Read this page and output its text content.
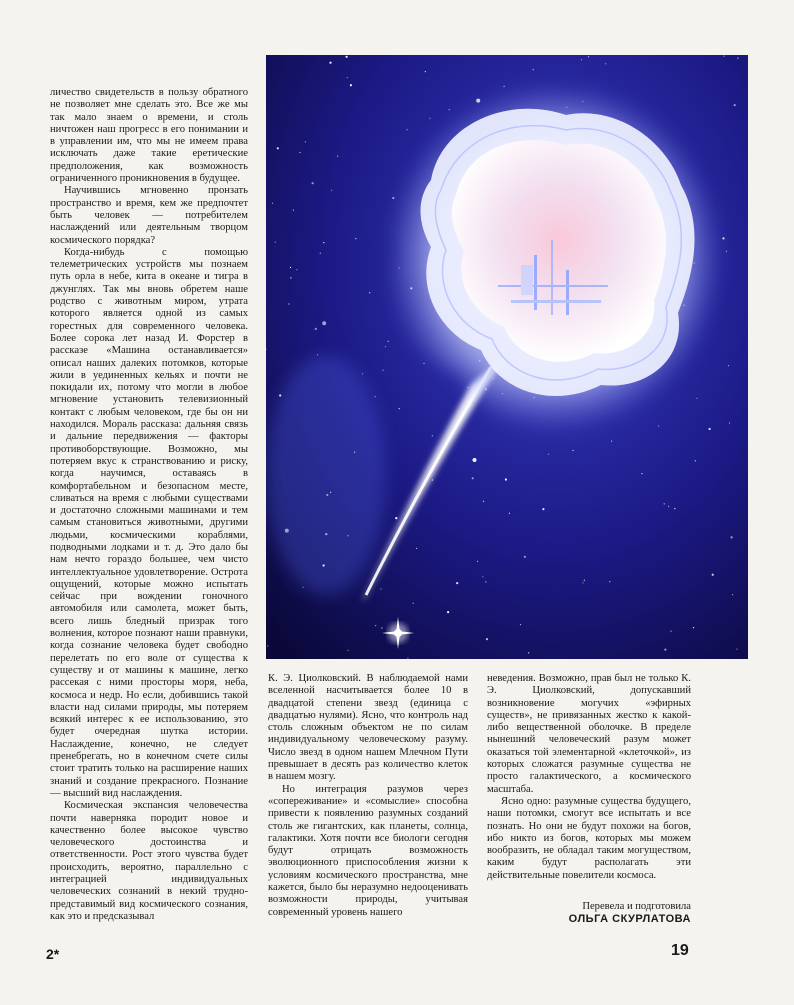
личество свидетельств в пользу обратного не позволяет мне сделать это. Все же мы так мало знаем о времени, и столь ничтожен наш прогресс в его понимании и в управлении им, что мы не имеем права исключать даже такие еретические предположения, как возможность ограниченного проникновения в будущее.

Научившись мгновенно пронзать пространство и время, кем же предпочтет быть человек — потребителем наслаждений или деятельным творцом космического порядка?

Когда-нибудь с помощью телеметрических устройств мы познаем путь орла в небе, кита в океане и тигра в джунглях. Так мы вновь обретем наше родство с животным миром, утрата которого является одной из самых горестных для современного человека. Более сорока лет назад И. Форстер в рассказе «Машина останавливается» описал наших далеких потомков, которые жили в уединенных кельях и почти не покидали их, потому что могли в любое мгновение установить телевизионный контакт с любым человеком, где бы он ни находился. Мораль рассказа: дальняя связь и дальние передвижения — факторы противоборствующие. Возможно, мы потеряем вкус к странствованию и риску, когда научимся, оставаясь в комфортабельном и безопасном месте, сливаться на время с любыми существами и достаточно сложными машинами и тем самым становиться животными, другими людьми, космическими кораблями, подводными лодками и т. д. Это дало бы нам нечто гораздо большее, чем чисто интеллектуальное удовлетворение. Острота ощущений, которые можно испытать сейчас при вождении гоночного автомобиля или самолета, может быть, всего лишь бледный призрак того волнения, которое познают наши правнуки, когда сознание человека будет свободно перелетать по его воле от существа к существу и от машины к машине, легко рассекая с ними просторы моря, неба, космоса и недр. Но если, добившись такой власти над силами природы, мы потеряем всякий интерес к ее использованию, это будет очередная шутка истории. Наслаждение, конечно, не следует пренебрегать, но в конечном счете силы стоит тратить только на расширение наших знаний и создание прекрасного. Познание — высший вид наслаждения.

Космическая экспансия человечества почти наверняка породит новое и качественно более высокое чувство человеческого достоинства и ответственности. Рост этого чувства будет происходить, вероятно, параллельно с интеграцией индивидуальных человеческих сознаний в некий трудно-представимый вид космического сознания, как это и предсказывал

К. Э. Циолковский. В наблюдаемой нами вселенной насчитывается более 10 в двадцатой степени звезд (единица с двадцатью нулями). Ясно, что контроль над столь сложным объектом не по силам индивидуальному человеческому разуму. Число звезд в одном нашем Млечном Пути превышает в десять раз количество клеток в нашем мозгу.

Но интеграция разумов через «сопереживание» и «сомыслие» способна привести к появлению разумных созданий столь же гигантских, как планеты, солнца, галактики. Хотя почти все биологи сегодня будут отрицать возможность эволюционного приспособления жизни к условиям космического пространства, мне кажется, было бы неразумно недооценивать возможности природы, учитывая современный уровень нашего

неведения. Возможно, прав был не только К. Э. Циолковский, допускавший возникновение могучих «эфирных существ», не привязанных жестко к какой-либо вещественной оболочке. В пределе нынешний человеческий разум может оказаться той элементарной «клеточкой», из которых сложатся разумные существа не просто галактического, а космического масштаба.

Ясно одно: разумные существа будущего, наши потомки, смогут все испытать и все познать. Но они не будут похожи на богов, ибо никто из богов, которых мы можем вообразить, не обладал таким могуществом, каким будут располагать эти действительные повелители космоса.

Перевела и подготовила
ОЛЬГА СКУРЛАТОВА
2*	19
